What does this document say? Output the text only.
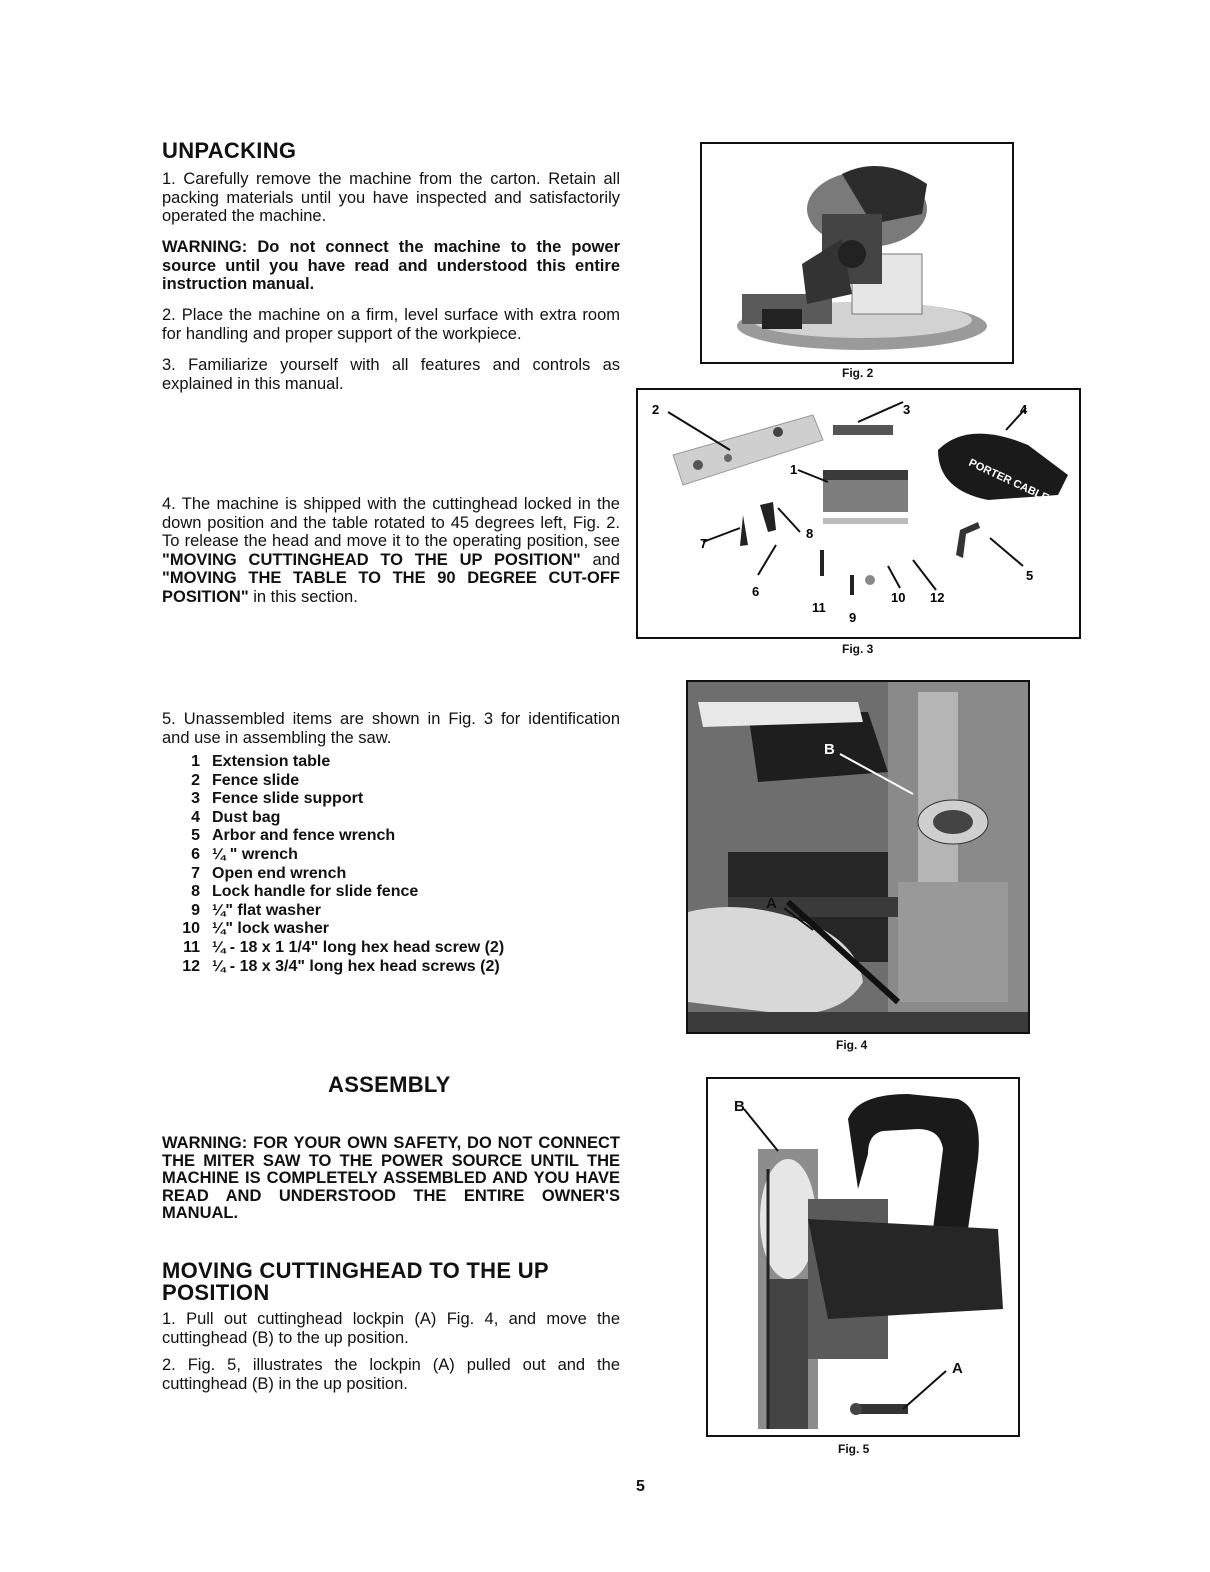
UNPACKING

1. Carefully remove the machine from the carton. Retain all packing materials until you have inspected and satisfactorily operated the machine.

WARNING: Do not connect the machine to the power source until you have read and understood this entire instruction manual.

2. Place the machine on a firm, level surface with extra room for handling and proper support of the workpiece.

3. Familiarize yourself with all features and controls as explained in this manual.

4. The machine is shipped with the cuttinghead locked in the down position and the table rotated to 45 degrees left, Fig. 2. To release the head and move it to the operating position, see "MOVING CUTTINGHEAD TO THE UP POSITION" and "MOVING THE TABLE TO THE 90 DEGREE CUT-OFF POSITION" in this section.

5. Unassembled items are shown in Fig. 3 for identification and use in assembling the saw.

1 Extension table
2 Fence slide
3 Fence slide support
4 Dust bag
5 Arbor and fence wrench
6 ¼ " wrench
7 Open end wrench
8 Lock handle for slide fence
9 ¼" flat washer
10 ¼" lock washer
11 ¼ - 18 x 1 1/4" long hex head screw (2)
12 ¼ - 18 x 3/4" long hex head screws (2)
ASSEMBLY

WARNING: FOR YOUR OWN SAFETY, DO NOT CONNECT THE MITER SAW TO THE POWER SOURCE UNTIL THE MACHINE IS COMPLETELY ASSEMBLED AND YOU HAVE READ AND UNDERSTOOD THE ENTIRE OWNER'S MANUAL.

MOVING CUTTINGHEAD TO THE UP POSITION

1. Pull out cuttinghead lockpin (A) Fig. 4, and move the cuttinghead (B) to the up position.

2. Fig. 5, illustrates the lockpin (A) pulled out and the cuttinghead (B) in the up position.

Fig. 2
PORTER CABLE
2	3	4
1
8
7
6
11
9
10 12
5
Fig. 3
B
A
Fig. 4
B
A
Fig. 5
5
